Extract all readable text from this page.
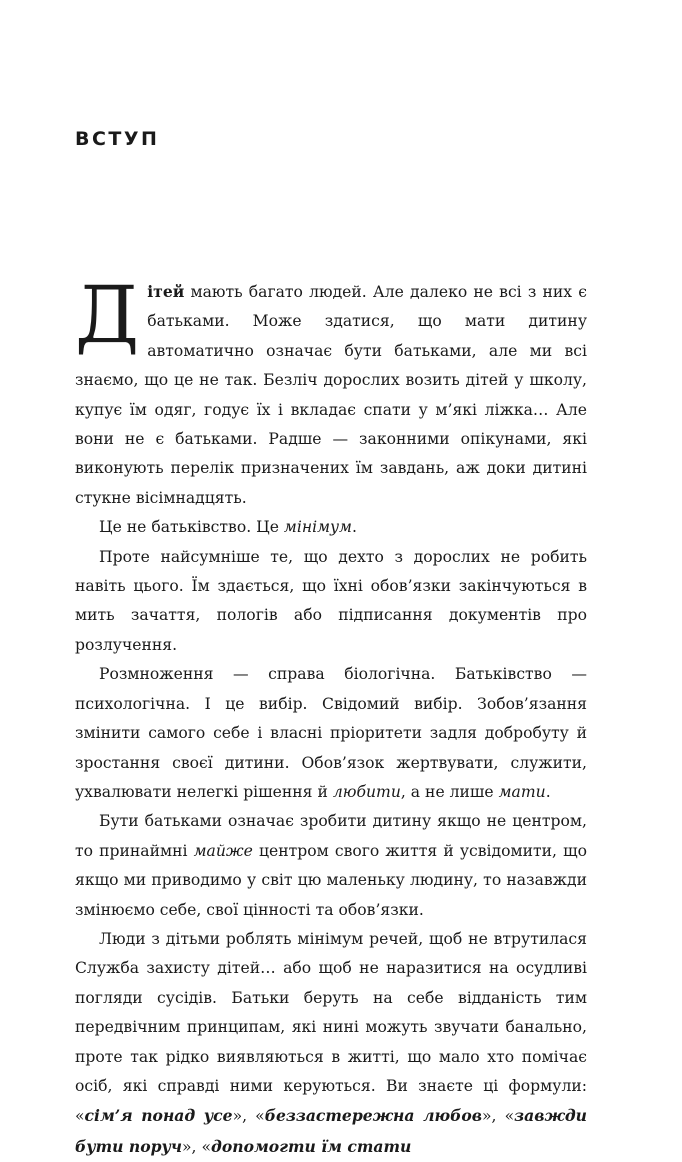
ВСТУП

Дітей мають багато людей. Але далеко не всі з них є батьками. Може здатися, що мати дитину автоматично означає бути батьками, але ми всі знаємо, що це не так. Безліч дорослих возить дітей у школу, купує їм одяг, годує їх і вкладає спати у м’які ліжка… Але вони не є батьками. Радше — законними опікунами, які виконують перелік призначених їм завдань, аж доки дитині стукне вісімнадцять.

Це не батьківство. Це мінімум.

Проте найсумніше те, що дехто з дорослих не робить навіть цього. Їм здається, що їхні обов’язки закінчуються в мить зачаття, пологів або підписання документів про розлучення.

Розмноження — справа біологічна. Батьківство — психологічна. І це вибір. Свідомий вибір. Зобов’язання змінити самого себе і власні пріоритети задля добробуту й зростання своєї дитини. Обов’язок жертвувати, служити, ухвалювати нелегкі рішення й любити, а не лише мати.

Бути батьками означає зробити дитину якщо не центром, то принаймні майже центром свого життя й усвідомити, що якщо ми приводимо у світ цю маленьку людину, то назавжди змінюємо себе, свої цінності та обов’язки.

Люди з дітьми роблять мінімум речей, щоб не втрутилася Служба захисту дітей… або щоб не наразитися на осудливі погляди сусідів. Батьки беруть на себе відданість тим передвічним принципам, які нині можуть звучати банально, проте так рідко виявляються в житті, що мало хто помічає осіб, які справді ними керуються. Ви знаєте ці формули: «сім’я понад усе», «беззастережна любов», «завжди бути поруч», «допомогти їм стати
